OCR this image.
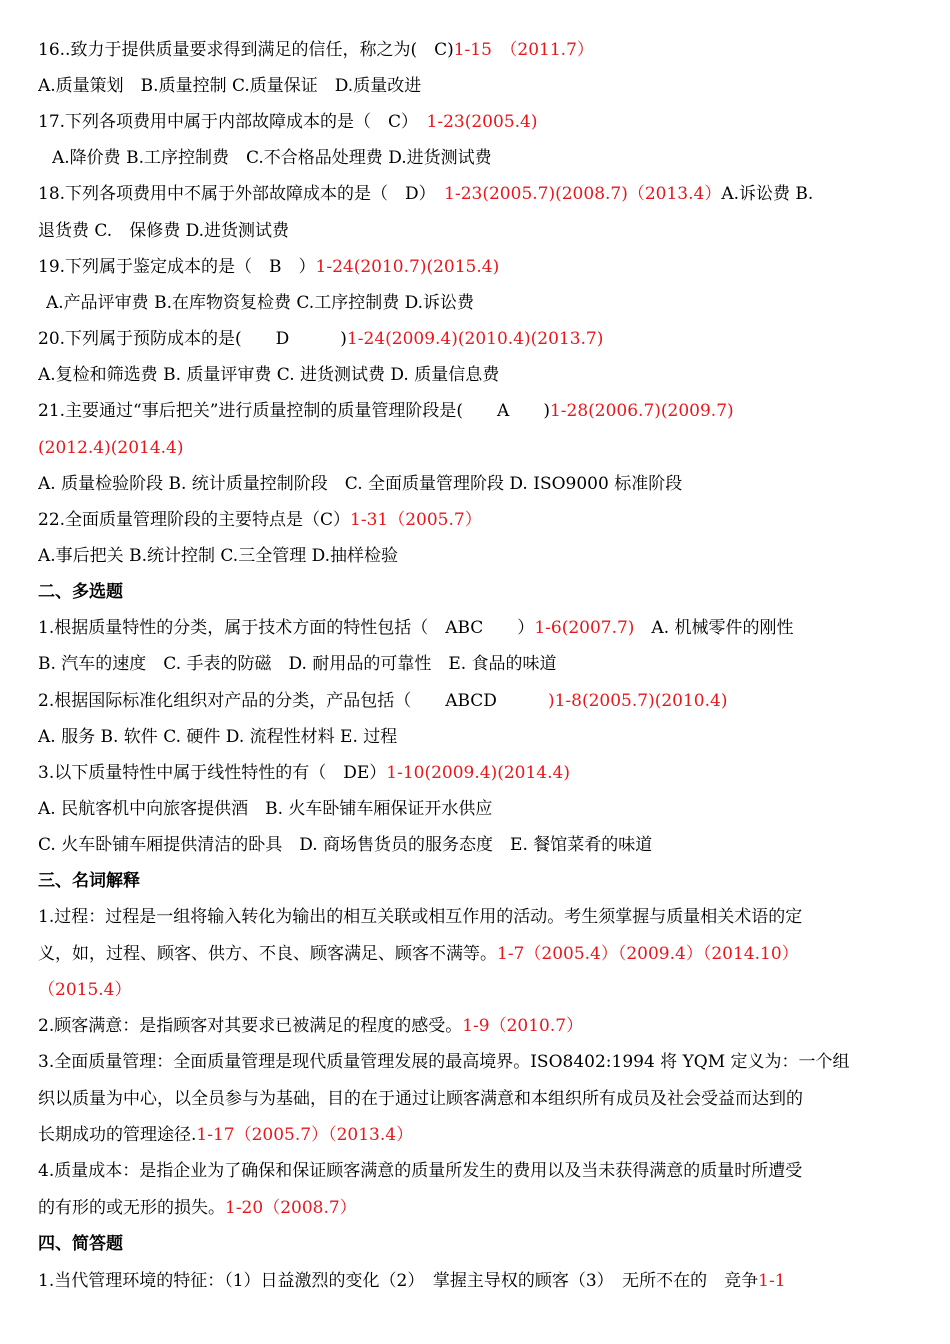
16..致力于提供质量要求得到满足的信任，称之为(　C)1-15　（2011.7）
A.质量策划　B.质量控制 C.质量保证　D.质量改进
17.下列各项费用中属于内部故障成本的是（　C）　1-23(2005.4)
A.降价费 B.工序控制费　C.不合格品处理费 D.进货测试费
18.下列各项费用中不属于外部故障成本的是（　D）　1-23(2005.7)(2008.7)（2013.4）A.诉讼费 B.
退货费 C.　保修费 D.进货测试费
19.下列属于鉴定成本的是（　B　）1-24(2010.7)(2015.4)
A.产品评审费 B.在库物资复检费 C.工序控制费 D.诉讼费
20.下列属于预防成本的是(　　D　　　)1-24(2009.4)(2010.4)(2013.7)
A.复检和筛选费 B. 质量评审费 C. 进货测试费 D. 质量信息费
21.主要通过“事后把关”进行质量控制的质量管理阶段是(　　A　　)1-28(2006.7)(2009.7)
(2012.4)(2014.4)
A. 质量检验阶段 B. 统计质量控制阶段　C. 全面质量管理阶段 D. ISO9000 标准阶段
22.全面质量管理阶段的主要特点是（C）1-31（2005.7）
A.事后把关 B.统计控制 C.三全管理 D.抽样检验
二、多选题
1.根据质量特性的分类，属于技术方面的特性包括（　ABC　　）1-6(2007.7)　A. 机械零件的刚性
B. 汽车的速度　C. 手表的防磁　D. 耐用品的可靠性　E. 食品的味道
2.根据国际标准化组织对产品的分类，产品包括（　　ABCD　　　)1-8(2005.7)(2010.4)
A. 服务 B. 软件 C. 硬件 D. 流程性材料 E. 过程
3.以下质量特性中属于线性特性的有（　DE）1-10(2009.4)(2014.4)
A. 民航客机中向旅客提供酒　B. 火车卧铺车厢保证开水供应
C. 火车卧铺车厢提供清洁的卧具　D. 商场售货员的服务态度　E. 餐馆菜肴的味道
三、名词解释
1.过程：过程是一组将输入转化为输出的相互关联或相互作用的活动。考生须掌握与质量相关术语的定
义，如，过程、顾客、供方、不良、顾客满足、顾客不满等。1-7（2005.4）（2009.4）（2014.10）
（2015.4）
2.顾客满意：是指顾客对其要求已被满足的程度的感受。1-9（2010.7）
3.全面质量管理：全面质量管理是现代质量管理发展的最高境界。ISO8402:1994 将 YQM 定义为：一个组
织以质量为中心，以全员参与为基础，目的在于通过让顾客满意和本组织所有成员及社会受益而达到的
长期成功的管理途径.1-17（2005.7）（2013.4）
4.质量成本：是指企业为了确保和保证顾客满意的质量所发生的费用以及当未获得满意的质量时所遭受
的有形的或无形的损失。1-20（2008.7）
四、简答题
1.当代管理环境的特征：（1）日益激烈的变化（2）　掌握主导权的顾客（3）　无所不在的　竞争1-1
